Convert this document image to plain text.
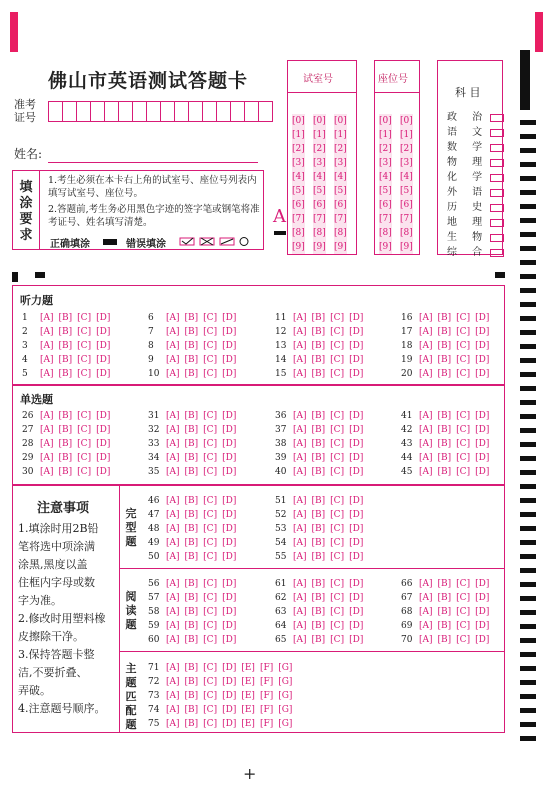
佛山市英语测试答题卡
准考
证号
姓名:
填涂要求
1.考生必须在本卡右上角的试室号、座位号列表内填写试室号、座位号。
2.答题前,考生务必用黑色字迹的签字笔或钢笔将准考证号、姓名填写清楚。
正确填涂	错误填涂
A
试室号	座位号
科 目
政 治
语 文
数 学
物 理
化 学
外 语
历 史
地 理
生 物
综 合
听力题
单选题
注意事项
1.填涂时用2B铅
笔将选中项涂满
涂黑,黑度以盖
住框内字母或数
字为准。
2.修改时用塑料橡
皮擦除干净。
3.保持答题卡整
洁,不要折叠、
弄破。
4.注意题号顺序。
完型题
阅读题
主题匹配题
+
[0]
[1]
[2]
[3]
[4]
[5]
[6]
[7]
[8]
[9]
[0]
[1]
[2]
[3]
[4]
[5]
[6]
[7]
[8]
[9]
[0]
[1]
[2]
[3]
[4]
[5]
[6]
[7]
[8]
[9]
[0]
[1]
[2]
[3]
[4]
[5]
[6]
[7]
[8]
[9]
[0]
[1]
[2]
[3]
[4]
[5]
[6]
[7]
[8]
[9]
1 [A] [B] [C] [D]
2 [A] [B] [C] [D]
3 [A] [B] [C] [D]
4 [A] [B] [C] [D]
5 [A] [B] [C] [D]
6 [A] [B] [C] [D]
7 [A] [B] [C] [D]
8 [A] [B] [C] [D]
9 [A] [B] [C] [D]
10 [A] [B] [C] [D]
11 [A] [B] [C] [D]
12 [A] [B] [C] [D]
13 [A] [B] [C] [D]
14 [A] [B] [C] [D]
15 [A] [B] [C] [D]
16 [A] [B] [C] [D]
17 [A] [B] [C] [D]
18 [A] [B] [C] [D]
19 [A] [B] [C] [D]
20 [A] [B] [C] [D]
26 [A] [B] [C] [D]
27 [A] [B] [C] [D]
28 [A] [B] [C] [D]
29 [A] [B] [C] [D]
30 [A] [B] [C] [D]
31 [A] [B] [C] [D]
32 [A] [B] [C] [D]
33 [A] [B] [C] [D]
34 [A] [B] [C] [D]
35 [A] [B] [C] [D]
36 [A] [B] [C] [D]
37 [A] [B] [C] [D]
38 [A] [B] [C] [D]
39 [A] [B] [C] [D]
40 [A] [B] [C] [D]
41 [A] [B] [C] [D]
42 [A] [B] [C] [D]
43 [A] [B] [C] [D]
44 [A] [B] [C] [D]
45 [A] [B] [C] [D]
46 [A] [B] [C] [D]
47 [A] [B] [C] [D]
48 [A] [B] [C] [D]
49 [A] [B] [C] [D]
50 [A] [B] [C] [D]
51 [A] [B] [C] [D]
52 [A] [B] [C] [D]
53 [A] [B] [C] [D]
54 [A] [B] [C] [D]
55 [A] [B] [C] [D]
56 [A] [B] [C] [D]
57 [A] [B] [C] [D]
58 [A] [B] [C] [D]
59 [A] [B] [C] [D]
60 [A] [B] [C] [D]
61 [A] [B] [C] [D]
62 [A] [B] [C] [D]
63 [A] [B] [C] [D]
64 [A] [B] [C] [D]
65 [A] [B] [C] [D]
66 [A] [B] [C] [D]
67 [A] [B] [C] [D]
68 [A] [B] [C] [D]
69 [A] [B] [C] [D]
70 [A] [B] [C] [D]
71 [A] [B] [C] [D] [E] [F] [G]
72 [A] [B] [C] [D] [E] [F] [G]
73 [A] [B] [C] [D] [E] [F] [G]
74 [A] [B] [C] [D] [E] [F] [G]
75 [A] [B] [C] [D] [E] [F] [G]
